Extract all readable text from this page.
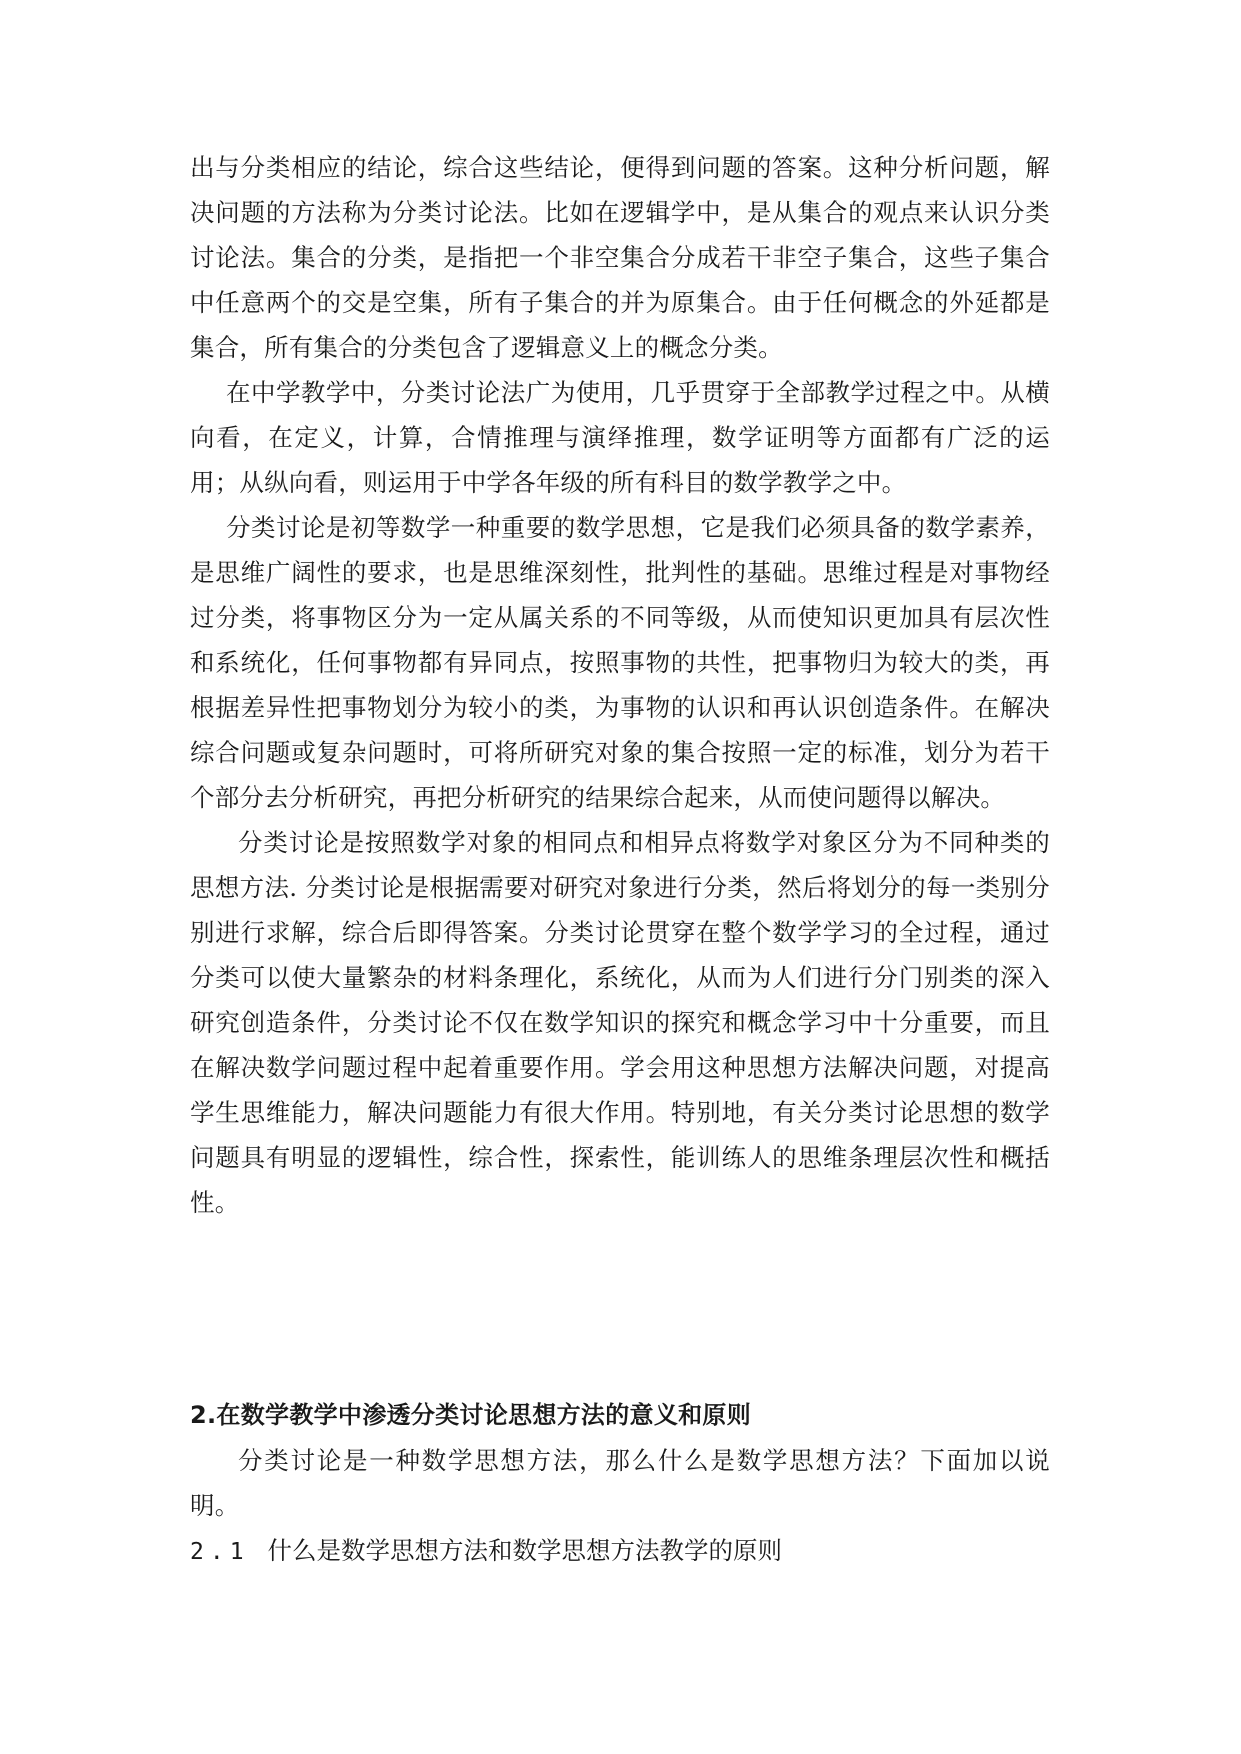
出与分类相应的结论，综合这些结论，便得到问题的答案。这种分析问题，解决问题的方法称为分类讨论法。比如在逻辑学中，是从集合的观点来认识分类讨论法。集合的分类，是指把一个非空集合分成若干非空子集合，这些子集合中任意两个的交是空集，所有子集合的并为原集合。由于任何概念的外延都是集合，所有集合的分类包含了逻辑意义上的概念分类。

在中学教学中，分类讨论法广为使用，几乎贯穿于全部教学过程之中。从横向看，在定义，计算，合情推理与演绎推理，数学证明等方面都有广泛的运用；从纵向看，则运用于中学各年级的所有科目的数学教学之中。

分类讨论是初等数学一种重要的数学思想，它是我们必须具备的数学素养，是思维广阔性的要求，也是思维深刻性，批判性的基础。思维过程是对事物经过分类，将事物区分为一定从属关系的不同等级，从而使知识更加具有层次性和系统化，任何事物都有异同点，按照事物的共性，把事物归为较大的类，再根据差异性把事物划分为较小的类，为事物的认识和再认识创造条件。在解决综合问题或复杂问题时，可将所研究对象的集合按照一定的标准，划分为若干个部分去分析研究，再把分析研究的结果综合起来，从而使问题得以解决。

分类讨论是按照数学对象的相同点和相异点将数学对象区分为不同种类的思想方法. 分类讨论是根据需要对研究对象进行分类，然后将划分的每一类别分别进行求解，综合后即得答案。分类讨论贯穿在整个数学学习的全过程，通过分类可以使大量繁杂的材料条理化，系统化，从而为人们进行分门别类的深入研究创造条件，分类讨论不仅在数学知识的探究和概念学习中十分重要，而且在解决数学问题过程中起着重要作用。学会用这种思想方法解决问题，对提高学生思维能力，解决问题能力有很大作用。特别地，有关分类讨论思想的数学问题具有明显的逻辑性，综合性，探索性，能训练人的思维条理层次性和概括性。

2.在数学教学中渗透分类讨论思想方法的意义和原则

分类讨论是一种数学思想方法，那么什么是数学思想方法？下面加以说明。

2.1 什么是数学思想方法和数学思想方法教学的原则
